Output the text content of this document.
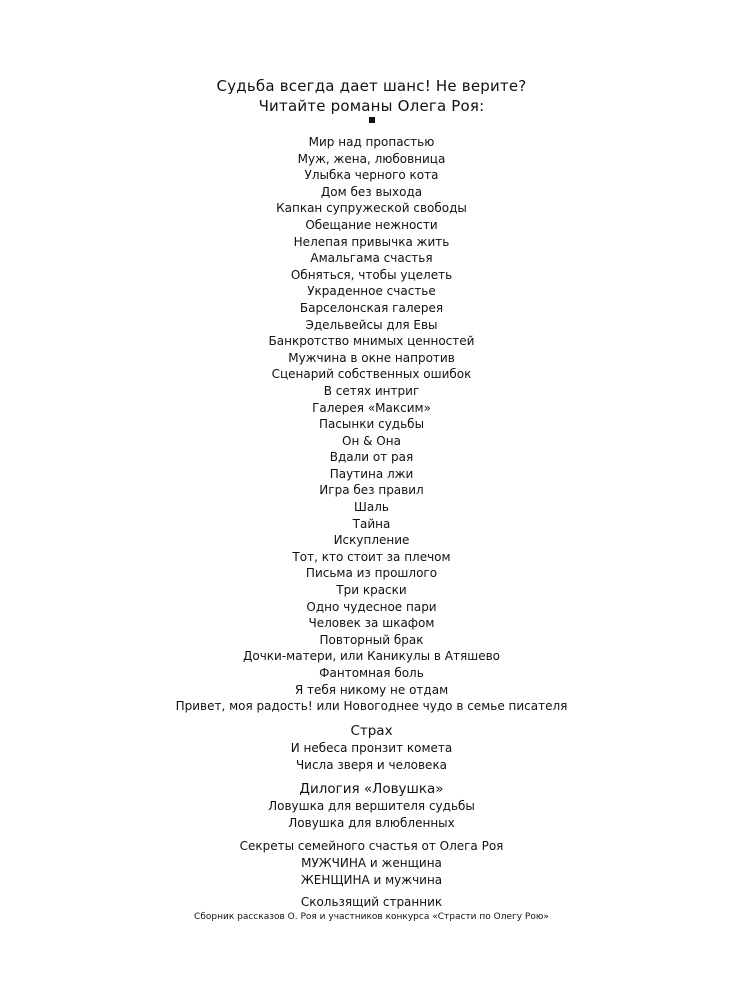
Судьба всегда дает шанс! Не верите?
Читайте романы Олега Роя:
Мир над пропастью
Муж, жена, любовница
Улыбка черного кота
Дом без выхода
Капкан супружеской свободы
Обещание нежности
Нелепая привычка жить
Амальгама счастья
Обняться, чтобы уцелеть
Украденное счастье
Барселонская галерея
Эдельвейсы для Евы
Банкротство мнимых ценностей
Мужчина в окне напротив
Сценарий собственных ошибок
В сетях интриг
Галерея «Максим»
Пасынки судьбы
Он & Она
Вдали от рая
Паутина лжи
Игра без правил
Шаль
Тайна
Искупление
Тот, кто стоит за плечом
Письма из прошлого
Три краски
Одно чудесное пари
Человек за шкафом
Повторный брак
Дочки-матери, или Каникулы в Атяшево
Фантомная боль
Я тебя никому не отдам
Привет, моя радость! или Новогоднее чудо в семье писателя
Страх
И небеса пронзит комета
Числа зверя и человека
Дилогия «Ловушка»
Ловушка для вершителя судьбы
Ловушка для влюбленных
Секреты семейного счастья от Олега Роя
МУЖЧИНА и женщина
ЖЕНЩИНА и мужчина
Скользящий странник
Сборник рассказов О. Роя и участников конкурса «Страсти по Олегу Рою»
